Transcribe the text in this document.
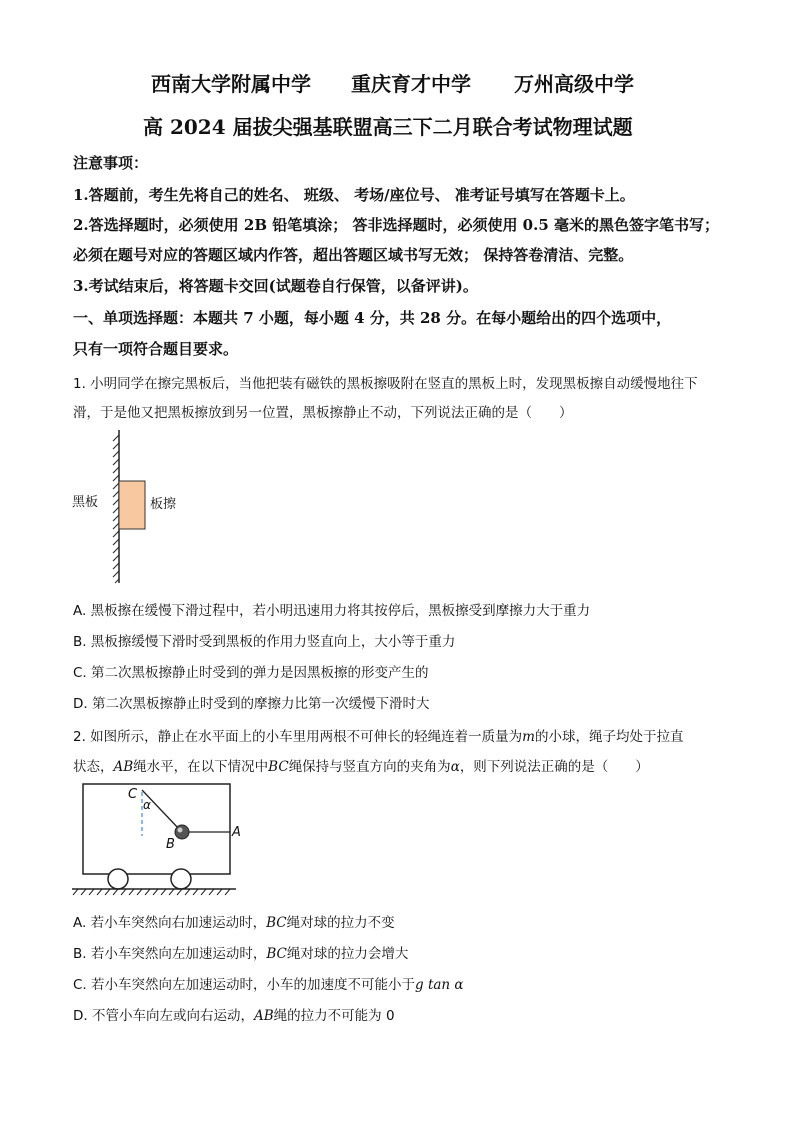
西南大学附属中学 重庆育才中学 万州高级中学
高 2024 届拔尖强基联盟高三下二月联合考试物理试题
注意事项：
1.答题前，考生先将自己的姓名、 班级、 考场/座位号、 准考证号填写在答题卡上。
2.答选择题时，必须使用 2B 铅笔填涂； 答非选择题时，必须使用 0.5 毫米的黑色签字笔书写；
必须在题号对应的答题区域内作答，超出答题区域书写无效； 保持答卷清洁、完整。
3.考试结束后，将答题卡交回(试题卷自行保管，以备评讲)。
一、单项选择题：本题共 7 小题，每小题 4 分，共 28 分。在每小题给出的四个选项中，
只有一项符合题目要求。
1. 小明同学在擦完黑板后，当他把装有磁铁的黑板擦吸附在竖直的黑板上时，发现黑板擦自动缓慢地往下
滑，于是他又把黑板擦放到另一位置，黑板擦静止不动，下列说法正确的是（　　）
黑板	板擦
A. 黑板擦在缓慢下滑过程中，若小明迅速用力将其按停后，黑板擦受到摩擦力大于重力
B. 黑板擦缓慢下滑时受到黑板的作用力竖直向上，大小等于重力
C. 第二次黑板擦静止时受到的弹力是因黑板擦的形变产生的
D. 第二次黑板擦静止时受到的摩擦力比第一次缓慢下滑时大
2. 如图所示，静止在水平面上的小车里用两根不可伸长的轻绳连着一质量为m的小球，绳子均处于拉直
状态，AB绳水平，在以下情况中BC绳保持与竖直方向的夹角为α，则下列说法正确的是（　　）
C
α
A
B
A. 若小车突然向右加速运动时，BC绳对球的拉力不变
B. 若小车突然向左加速运动时，BC绳对球的拉力会增大
C. 若小车突然向左加速运动时，小车的加速度不可能小于g tan α
D. 不管小车向左或向右运动，AB绳的拉力不可能为 0
